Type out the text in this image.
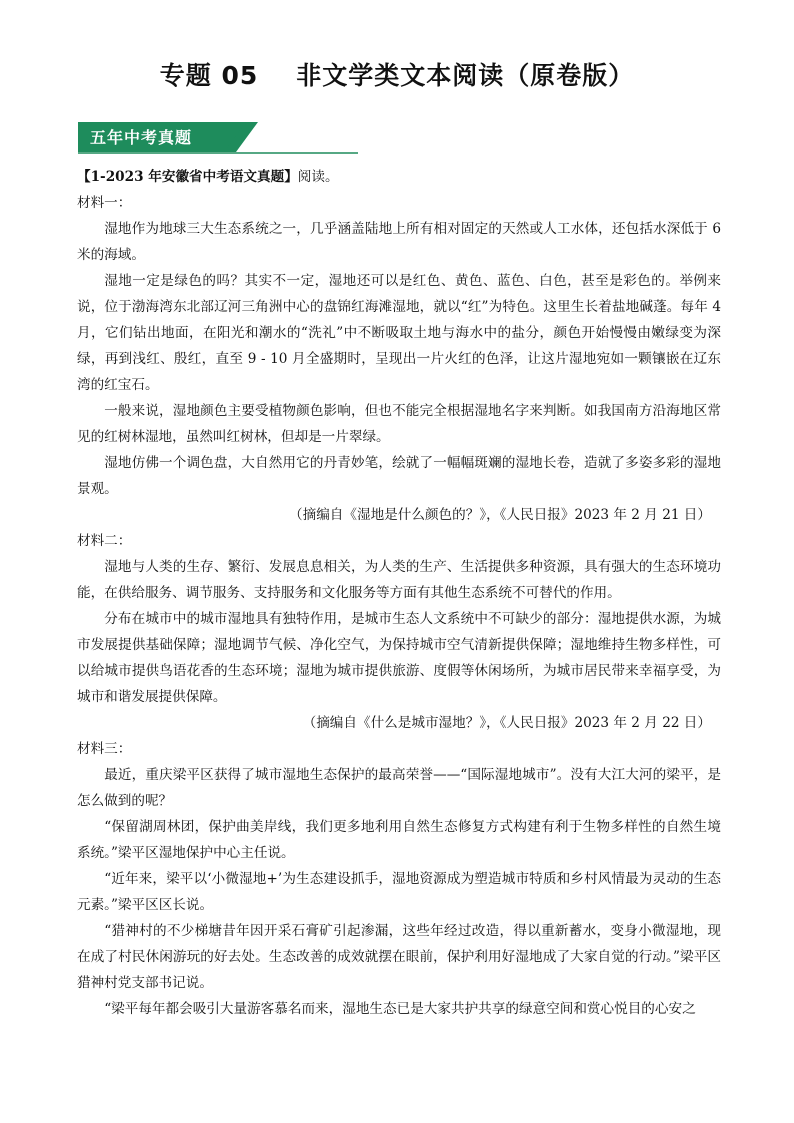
专题 05 非文学类文本阅读（原卷版）
五年中考真题

【1-2023 年安徽省中考语文真题】阅读。

材料一：

湿地作为地球三大生态系统之一，几乎涵盖陆地上所有相对固定的天然或人工水体，还包括水深低于 6 米的海域。

湿地一定是绿色的吗？其实不一定，湿地还可以是红色、黄色、蓝色、白色，甚至是彩色的。举例来说，位于渤海湾东北部辽河三角洲中心的盘锦红海滩湿地，就以“红”为特色。这里生长着盐地碱蓬。每年 4 月，它们钻出地面，在阳光和潮水的“洗礼”中不断吸取土地与海水中的盐分，颜色开始慢慢由嫩绿变为深绿，再到浅红、殷红，直至 9 - 10 月全盛期时，呈现出一片火红的色泽，让这片湿地宛如一颗镶嵌在辽东湾的红宝石。

一般来说，湿地颜色主要受植物颜色影响，但也不能完全根据湿地名字来判断。如我国南方沿海地区常见的红树林湿地，虽然叫红树林，但却是一片翠绿。

湿地仿佛一个调色盘，大自然用它的丹青妙笔，绘就了一幅幅斑斓的湿地长卷，造就了多姿多彩的湿地景观。

（摘编自《湿地是什么颜色的？》，《人民日报》2023 年 2 月 21 日）

材料二：

湿地与人类的生存、繁衍、发展息息相关，为人类的生产、生活提供多种资源，具有强大的生态环境功能，在供给服务、调节服务、支持服务和文化服务等方面有其他生态系统不可替代的作用。

分布在城市中的城市湿地具有独特作用，是城市生态人文系统中不可缺少的部分：湿地提供水源，为城市发展提供基础保障；湿地调节气候、净化空气，为保持城市空气清新提供保障；湿地维持生物多样性，可以给城市提供鸟语花香的生态环境；湿地为城市提供旅游、度假等休闲场所，为城市居民带来幸福享受，为城市和谐发展提供保障。

（摘编自《什么是城市湿地？》，《人民日报》2023 年 2 月 22 日）

材料三：

最近，重庆梁平区获得了城市湿地生态保护的最高荣誉——“国际湿地城市”。没有大江大河的梁平，是怎么做到的呢？

“保留湖周林团，保护曲美岸线，我们更多地利用自然生态修复方式构建有利于生物多样性的自然生境系统。”梁平区湿地保护中心主任说。

“近年来，梁平以‘小微湿地+’为生态建设抓手，湿地资源成为塑造城市特质和乡村风情最为灵动的生态元素。”梁平区区长说。

“猎神村的不少梯塘昔年因开采石膏矿引起渗漏，这些年经过改造，得以重新蓄水，变身小微湿地，现在成了村民休闲游玩的好去处。生态改善的成效就摆在眼前，保护利用好湿地成了大家自觉的行动。”梁平区猎神村党支部书记说。

“梁平每年都会吸引大量游客慕名而来，湿地生态已是大家共护共享的绿意空间和赏心悦目的心安之
